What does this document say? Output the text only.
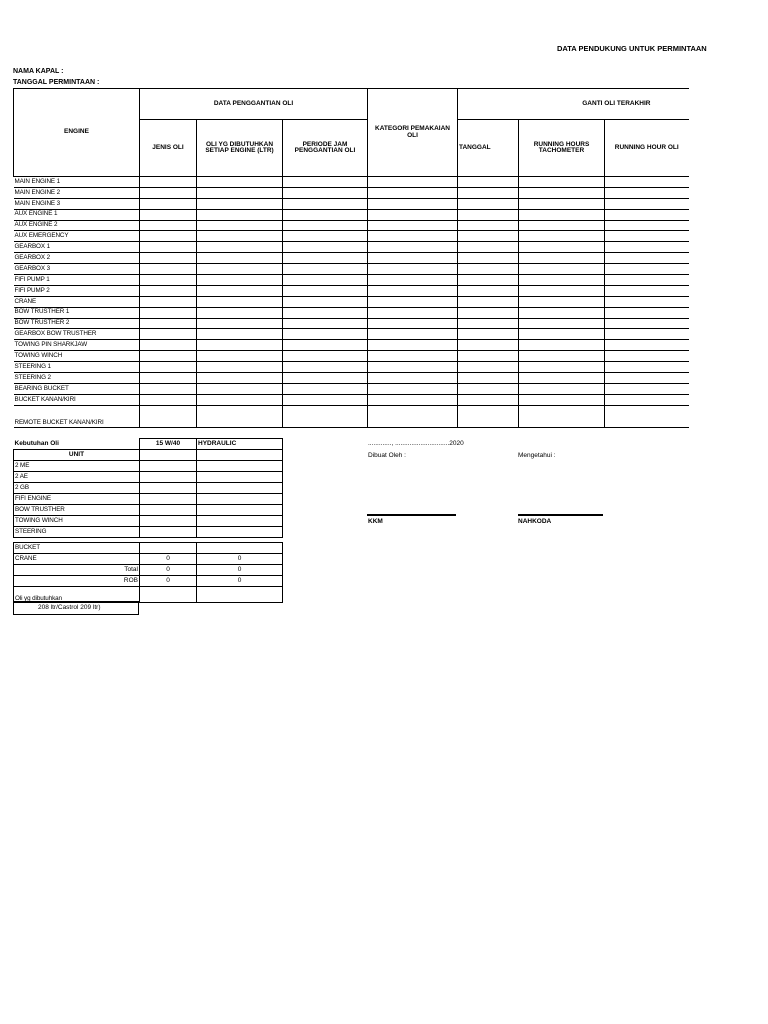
DATA PENDUKUNG UNTUK PERMINTAAN
NAMA KAPAL :
TANGGAL PERMINTAAN :
ENGINE	DATA PENGGANTIAN OLI			KATEGORI PEMAKAIAN OLI	GANTI OLI TERAKHIR		
	JENIS OLI	OLI YG DIBUTUHKAN SETIAP ENGINE (LTR)	PERIODE JAM PENGGANTIAN OLI		TANGGAL	RUNNING HOURS TACHOMETER	RUNNING HOUR OLI
MAIN ENGINE 1							
MAIN ENGINE 2							
MAIN ENGINE 3							
AUX ENGINE 1							
AUX ENGINE 2							
AUX EMERGENCY							
GEARBOX 1							
GEARBOX 2							
GEARBOX 3							
FIFI PUMP 1							
FIFI PUMP 2							
CRANE							
BOW TRUSTHER 1							
BOW TRUSTHER 2							
GEARBOX BOW TRUSTHER							
TOWING PIN SHARKJAW							
TOWING WINCH							
STEERING 1							
STEERING 2							
BEARING BUCKET							
BUCKET KANAN/KIRI							
REMOTE BUCKET KANAN/KIRI							
Kebutuhan Oli	15 W/40	HYDRAULIC
UNIT		
2 ME		
2 AE		
2 GB		
FIFI ENGINE		
BOW TRUSTHER		
TOWING WINCH		
STEERING		

BUCKET		
CRANE	0	0
Total	0	0
ROB	0	0
Oli yg dibutuhkan		
208 ltr/Castrol 209 ltr)
............., ..............................2020
Dibuat Oleh :	Mengetahui :
KKM	NAHKODA
